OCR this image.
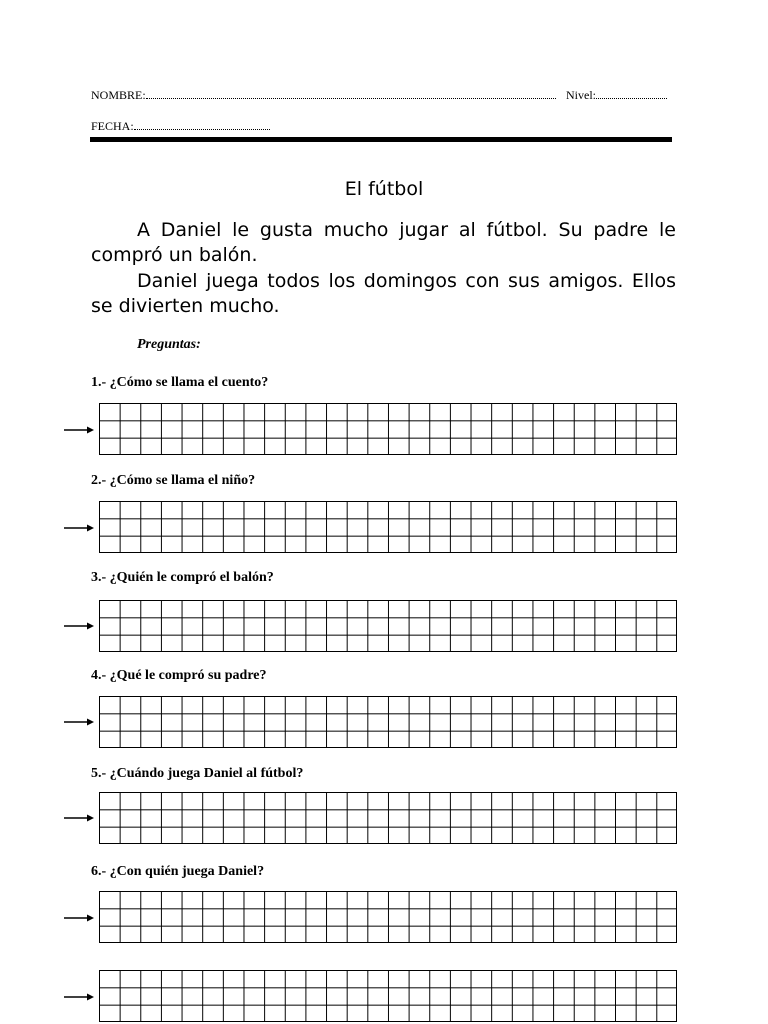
NOMBRE:	Nivel:
FECHA:
El fútbol

A Daniel le gusta mucho jugar al fútbol. Su padre le compró un balón.

Daniel juega todos los domingos con sus amigos. Ellos se divierten mucho.

Preguntas:
1.- ¿Cómo se llama el cuento?
2.- ¿Cómo se llama el niño?
3.- ¿Quién le compró el balón?
4.- ¿Qué le compró su padre?
5.- ¿Cuándo juega Daniel al fútbol?
6.- ¿Con quién juega Daniel?
